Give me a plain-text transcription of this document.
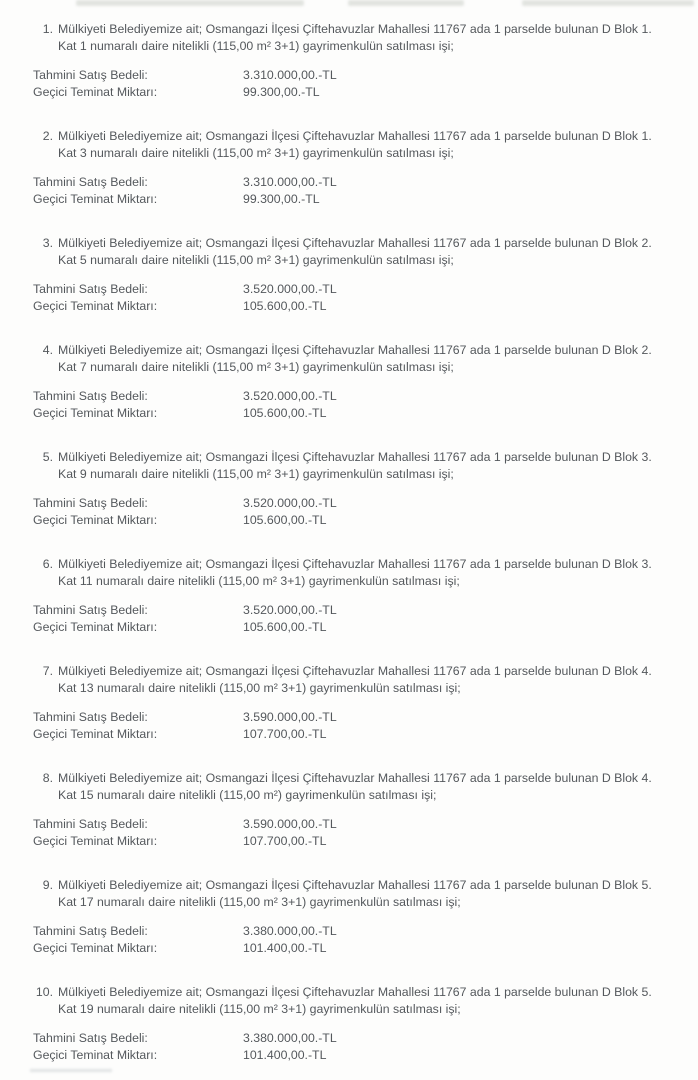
1. Mülkiyeti Belediyemize ait; Osmangazi İlçesi Çiftehavuzlar Mahallesi 11767 ada 1 parselde bulunan D Blok 1.
Kat 1 numaralı daire nitelikli (115,00 m² 3+1) gayrimenkulün satılması işi;
Tahmini Satış Bedeli:	3.310.000,00.-TL
Geçici Teminat Miktarı:	99.300,00.-TL
2. Mülkiyeti Belediyemize ait; Osmangazi İlçesi Çiftehavuzlar Mahallesi 11767 ada 1 parselde bulunan D Blok 1.
Kat 3 numaralı daire nitelikli (115,00 m² 3+1) gayrimenkulün satılması işi;
Tahmini Satış Bedeli:	3.310.000,00.-TL
Geçici Teminat Miktarı:	99.300,00.-TL
3. Mülkiyeti Belediyemize ait; Osmangazi İlçesi Çiftehavuzlar Mahallesi 11767 ada 1 parselde bulunan D Blok 2.
Kat 5 numaralı daire nitelikli (115,00 m² 3+1) gayrimenkulün satılması işi;
Tahmini Satış Bedeli:	3.520.000,00.-TL
Geçici Teminat Miktarı:	105.600,00.-TL
4. Mülkiyeti Belediyemize ait; Osmangazi İlçesi Çiftehavuzlar Mahallesi 11767 ada 1 parselde bulunan D Blok 2.
Kat 7 numaralı daire nitelikli (115,00 m² 3+1) gayrimenkulün satılması işi;
Tahmini Satış Bedeli:	3.520.000,00.-TL
Geçici Teminat Miktarı:	105.600,00.-TL
5. Mülkiyeti Belediyemize ait; Osmangazi İlçesi Çiftehavuzlar Mahallesi 11767 ada 1 parselde bulunan D Blok 3.
Kat 9 numaralı daire nitelikli (115,00 m² 3+1) gayrimenkulün satılması işi;
Tahmini Satış Bedeli:	3.520.000,00.-TL
Geçici Teminat Miktarı:	105.600,00.-TL
6. Mülkiyeti Belediyemize ait; Osmangazi İlçesi Çiftehavuzlar Mahallesi 11767 ada 1 parselde bulunan D Blok 3.
Kat 11 numaralı daire nitelikli (115,00 m² 3+1) gayrimenkulün satılması işi;
Tahmini Satış Bedeli:	3.520.000,00.-TL
Geçici Teminat Miktarı:	105.600,00.-TL
7. Mülkiyeti Belediyemize ait; Osmangazi İlçesi Çiftehavuzlar Mahallesi 11767 ada 1 parselde bulunan D Blok 4.
Kat 13 numaralı daire nitelikli (115,00 m² 3+1) gayrimenkulün satılması işi;
Tahmini Satış Bedeli:	3.590.000,00.-TL
Geçici Teminat Miktarı:	107.700,00.-TL
8. Mülkiyeti Belediyemize ait; Osmangazi İlçesi Çiftehavuzlar Mahallesi 11767 ada 1 parselde bulunan D Blok 4.
Kat 15 numaralı daire nitelikli (115,00 m²) gayrimenkulün satılması işi;
Tahmini Satış Bedeli:	3.590.000,00.-TL
Geçici Teminat Miktarı:	107.700,00.-TL
9. Mülkiyeti Belediyemize ait; Osmangazi İlçesi Çiftehavuzlar Mahallesi 11767 ada 1 parselde bulunan D Blok 5.
Kat 17 numaralı daire nitelikli (115,00 m² 3+1) gayrimenkulün satılması işi;
Tahmini Satış Bedeli:	3.380.000,00.-TL
Geçici Teminat Miktarı:	101.400,00.-TL
10. Mülkiyeti Belediyemize ait; Osmangazi İlçesi Çiftehavuzlar Mahallesi 11767 ada 1 parselde bulunan D Blok 5.
Kat 19 numaralı daire nitelikli (115,00 m² 3+1) gayrimenkulün satılması işi;
Tahmini Satış Bedeli:	3.380.000,00.-TL
Geçici Teminat Miktarı:	101.400,00.-TL
